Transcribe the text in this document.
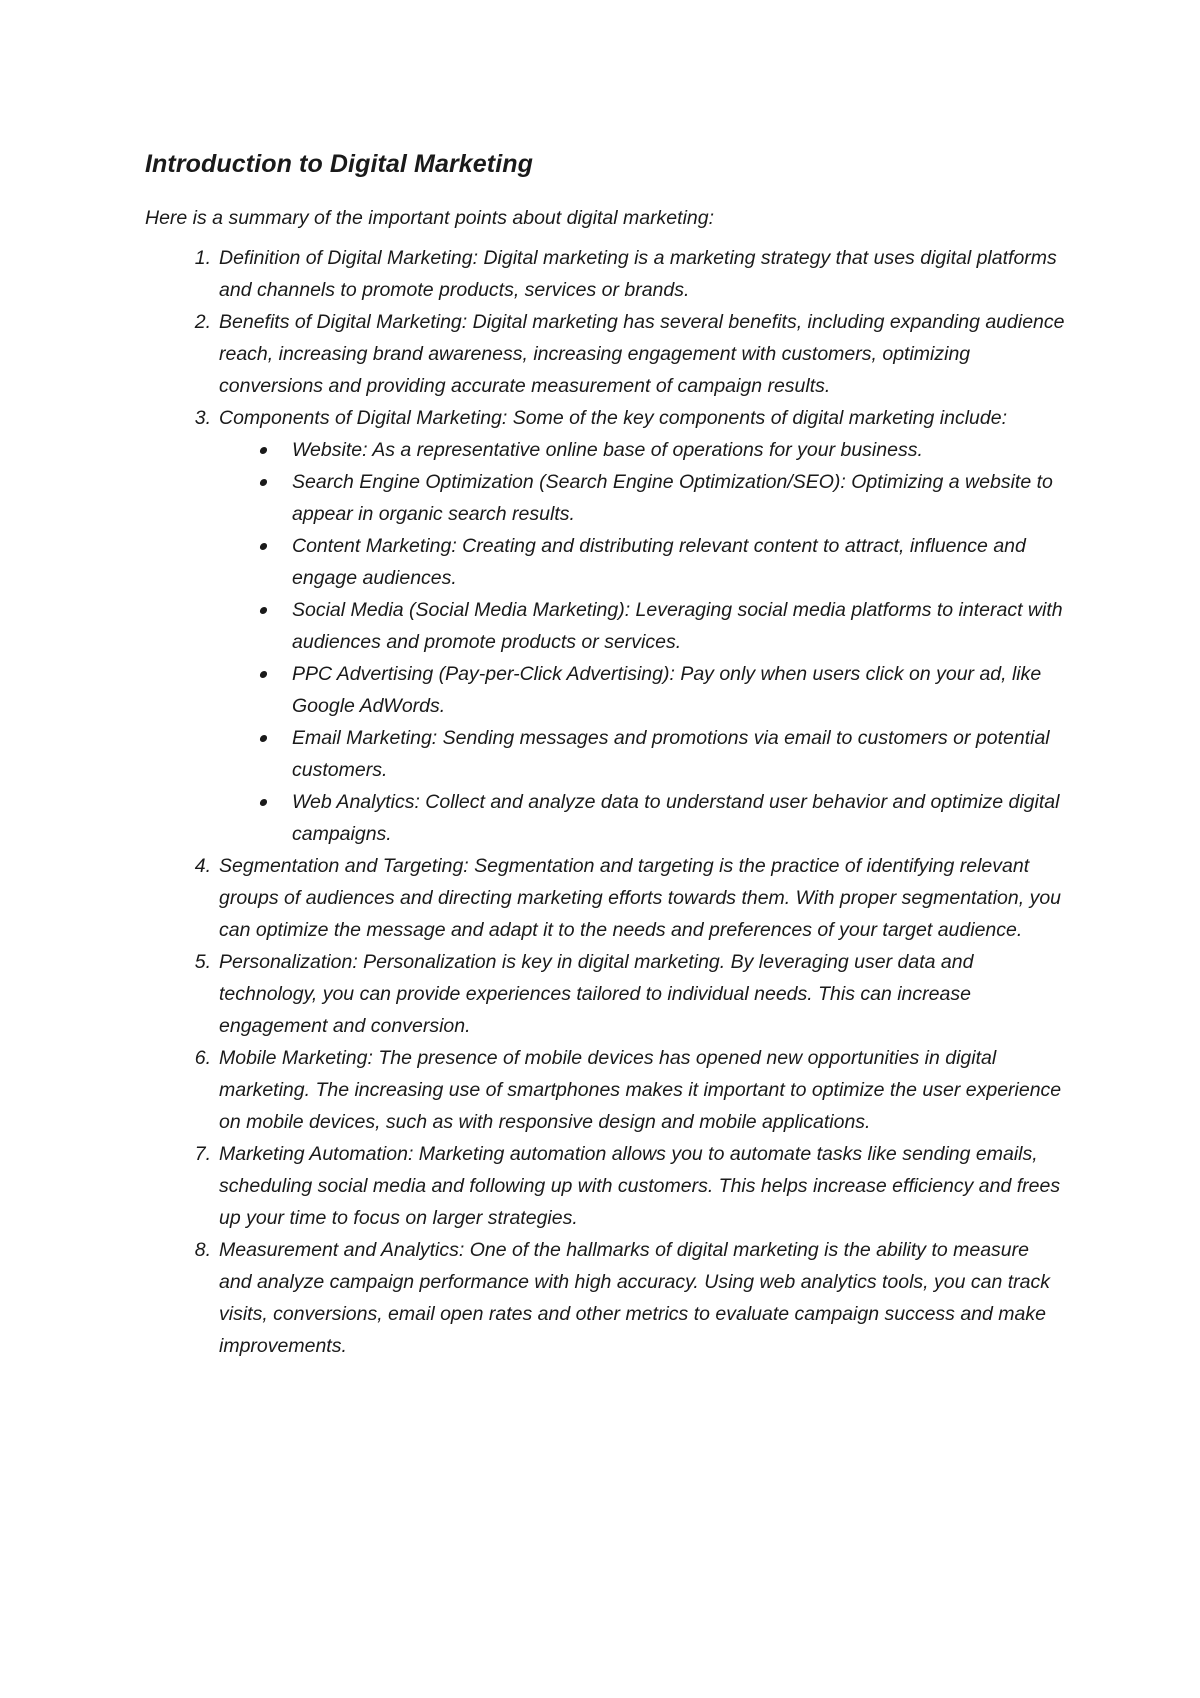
Introduction to Digital Marketing

Here is a summary of the important points about digital marketing:

1. Definition of Digital Marketing: Digital marketing is a marketing strategy that uses digital platforms and channels to promote products, services or brands.
2. Benefits of Digital Marketing: Digital marketing has several benefits, including expanding audience reach, increasing brand awareness, increasing engagement with customers, optimizing conversions and providing accurate measurement of campaign results.
3. Components of Digital Marketing: Some of the key components of digital marketing include:
Website: As a representative online base of operations for your business.
Search Engine Optimization (Search Engine Optimization/SEO): Optimizing a website to appear in organic search results.
Content Marketing: Creating and distributing relevant content to attract, influence and engage audiences.
Social Media (Social Media Marketing): Leveraging social media platforms to interact with audiences and promote products or services.
PPC Advertising (Pay-per-Click Advertising): Pay only when users click on your ad, like Google AdWords.
Email Marketing: Sending messages and promotions via email to customers or potential customers.
Web Analytics: Collect and analyze data to understand user behavior and optimize digital campaigns.
4. Segmentation and Targeting: Segmentation and targeting is the practice of identifying relevant groups of audiences and directing marketing efforts towards them. With proper segmentation, you can optimize the message and adapt it to the needs and preferences of your target audience.
5. Personalization: Personalization is key in digital marketing. By leveraging user data and technology, you can provide experiences tailored to individual needs. This can increase engagement and conversion.
6. Mobile Marketing: The presence of mobile devices has opened new opportunities in digital marketing. The increasing use of smartphones makes it important to optimize the user experience on mobile devices, such as with responsive design and mobile applications.
7. Marketing Automation: Marketing automation allows you to automate tasks like sending emails, scheduling social media and following up with customers. This helps increase efficiency and frees up your time to focus on larger strategies.
8. Measurement and Analytics: One of the hallmarks of digital marketing is the ability to measure and analyze campaign performance with high accuracy. Using web analytics tools, you can track visits, conversions, email open rates and other metrics to evaluate campaign success and make improvements.
